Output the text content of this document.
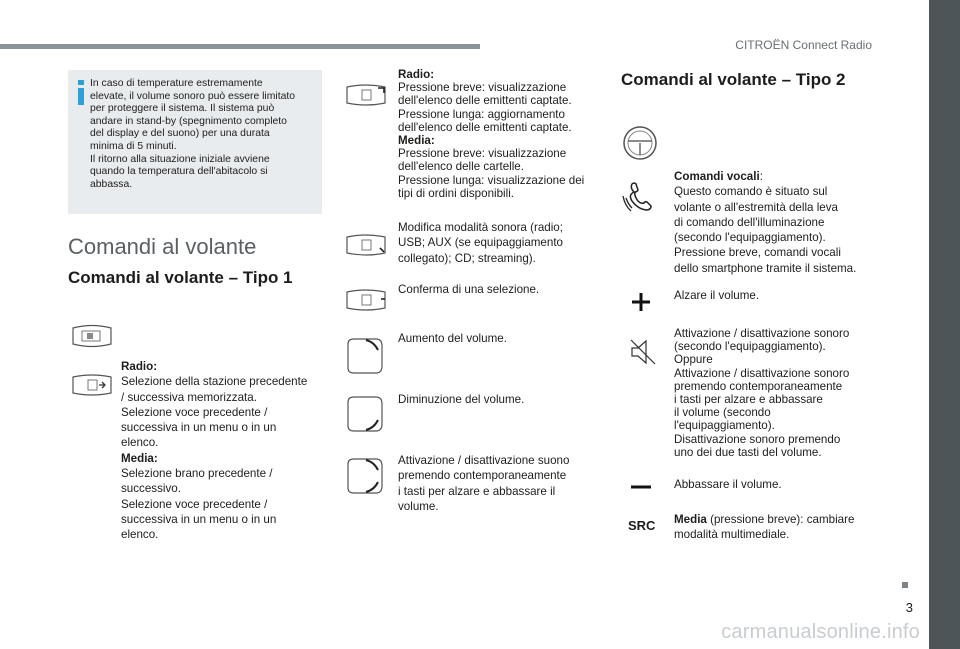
CITROËN Connect Radio
3
carmanualsonline.info

In caso di temperature estremamente

elevate, il volume sonoro può essere limitato

per proteggere il sistema. Il sistema può

andare in stand-by (spegnimento completo

del display e del suono) per una durata

minima di 5 minuti.

Il ritorno alla situazione iniziale avviene

quando la temperatura dell'abitacolo si

abbassa.

Comandi al volante
Comandi al volante – Tipo 1
Comandi al volante – Tipo 2

Radio:

Selezione della stazione precedente

/ successiva memorizzata.

Selezione voce precedente /

successiva in un menu o in un

elenco.

Media:

Selezione brano precedente /

successivo.

Selezione voce precedente /

successiva in un menu o in un

elenco.

Radio:

Pressione breve: visualizzazione

dell'elenco delle emittenti captate.

Pressione lunga: aggiornamento

dell'elenco delle emittenti captate.

Media:

Pressione breve: visualizzazione

dell'elenco delle cartelle.

Pressione lunga: visualizzazione dei

tipi di ordini disponibili.

Modifica modalità sonora (radio;

USB; AUX (se equipaggiamento

collegato); CD; streaming).

Conferma di una selezione.

Aumento del volume.

Diminuzione del volume.

Attivazione / disattivazione suono

premendo contemporaneamente

i tasti per alzare e abbassare il

volume.

SRC

Comandi vocali:

Questo comando è situato sul

volante o all'estremità della leva

di comando dell'illuminazione

(secondo l'equipaggiamento).

Pressione breve, comandi vocali

dello smartphone tramite il sistema.

Alzare il volume.

Attivazione / disattivazione sonoro

(secondo l'equipaggiamento).

Oppure

Attivazione / disattivazione sonoro

premendo contemporaneamente

i tasti per alzare e abbassare

il volume (secondo

l'equipaggiamento).

Disattivazione sonoro premendo

uno dei due tasti del volume.

Abbassare il volume.

Media (pressione breve): cambiare

modalità multimediale.
